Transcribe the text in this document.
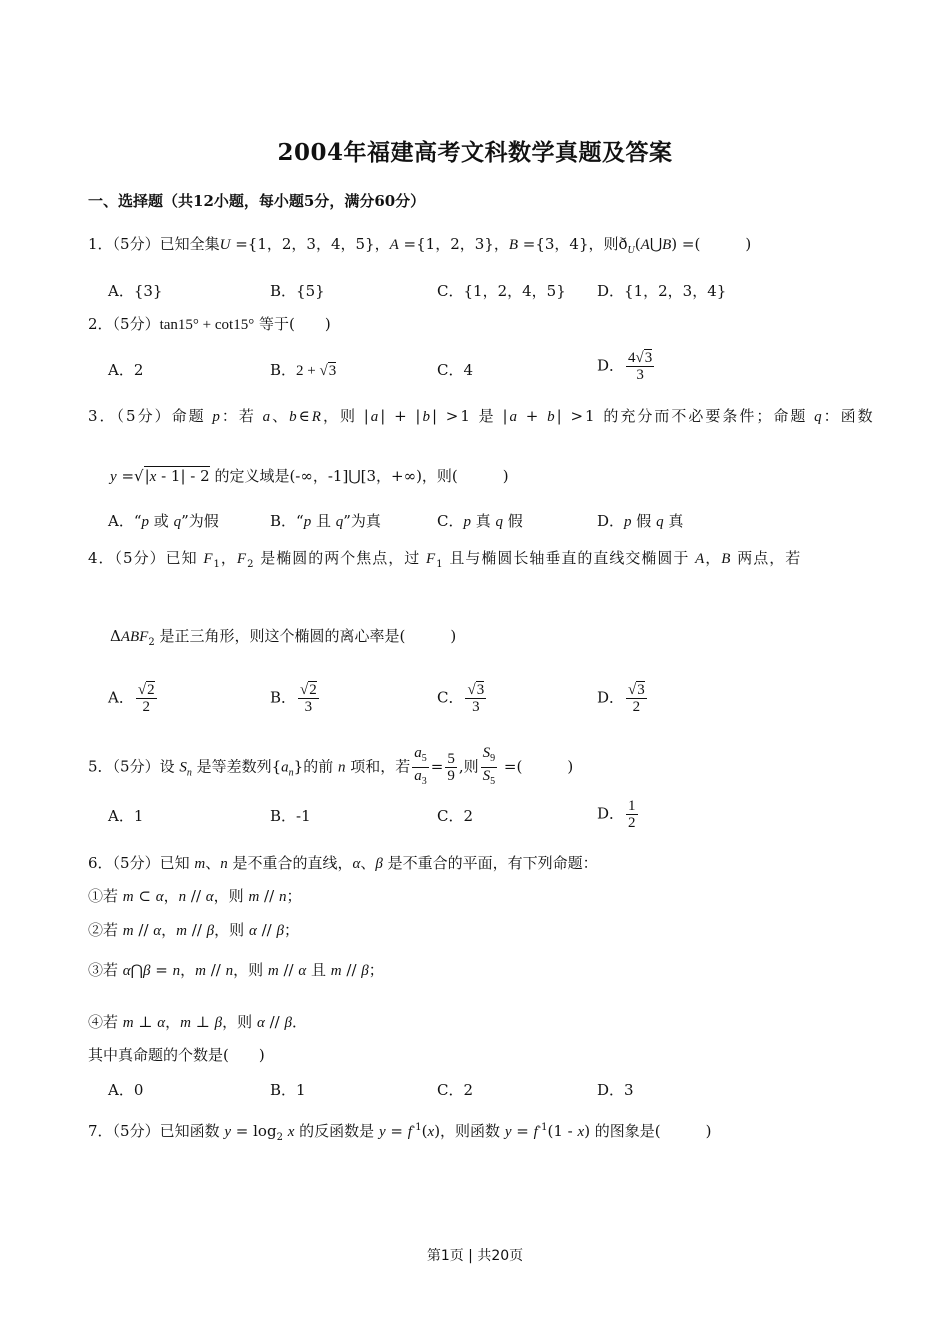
2004年福建高考文科数学真题及答案
一、选择题（共12小题，每小题5分，满分60分）
1．（5分）已知全集U ={1，2，3，4，5}，A ={1，2，3}，B ={3，4}，则$ð_U(A⋃B)$ =(　　　)
A．{3}	B．{5}	C．{1，2，4，5} D．{1，2，3，4}
2．（5分）tan15° + cot15° 等于(　　)
A．2	B．2 + √3	C．4	D． $\frac{4√3}{3}$
3．（5分）命题 p：若 a、b∈R，则 |a| + |b| >1 是 |a + b| >1 的充分而不必要条件；命题 q：函数
y =√|x - 1| - 2 的定义域是(-∞，-1]⋃[3，+∞)，则(　　　)
A．“p 或 q”为假	B．“p 且 q”为真	C．p 真 q 假	D．p 假 q 真
4．（5分）已知 $F_1$，$F_2$ 是椭圆的两个焦点，过 $F_1$ 且与椭圆长轴垂直的直线交椭圆于 A，B 两点，若
$\Delta ABF_2$ 是正三角形，则这个椭圆的离心率是(　　　)
A． $\frac{√2}{2}$	B． $\frac{√2}{3}$	C． $\frac{√3}{3}$	D． $\frac{√3}{2}$
5．（5分）设 $S_n$ 是等差数列$\{a_n\}$的前 n 项和，若 $\frac{a_5}{a_3} = \frac{5}{9}$ ,则 $\frac{S_9}{S_5}$ =(　　　)
A．1	B．-1	C．2	D． $\frac{1}{2}$
6．（5分）已知 m、n 是不重合的直线，α、β 是不重合的平面，有下列命题：
①若 m ⊂ α，n // α，则 m // n；
②若 m // α，m // β，则 α // β；
③若 α⋂β = n，m // n，则 m // α 且 m // β；
④若 m ⊥ α，m ⊥ β，则 α // β．
其中真命题的个数是(　　)
A．0	B．1	C．2	D．3
7．（5分）已知函数 $y = \log_2 x$ 的反函数是 $y = f^{-1}(x)$，则函数 $y = f^{-1}(1 - x)$ 的图象是(　　　)
第1页 | 共20页
